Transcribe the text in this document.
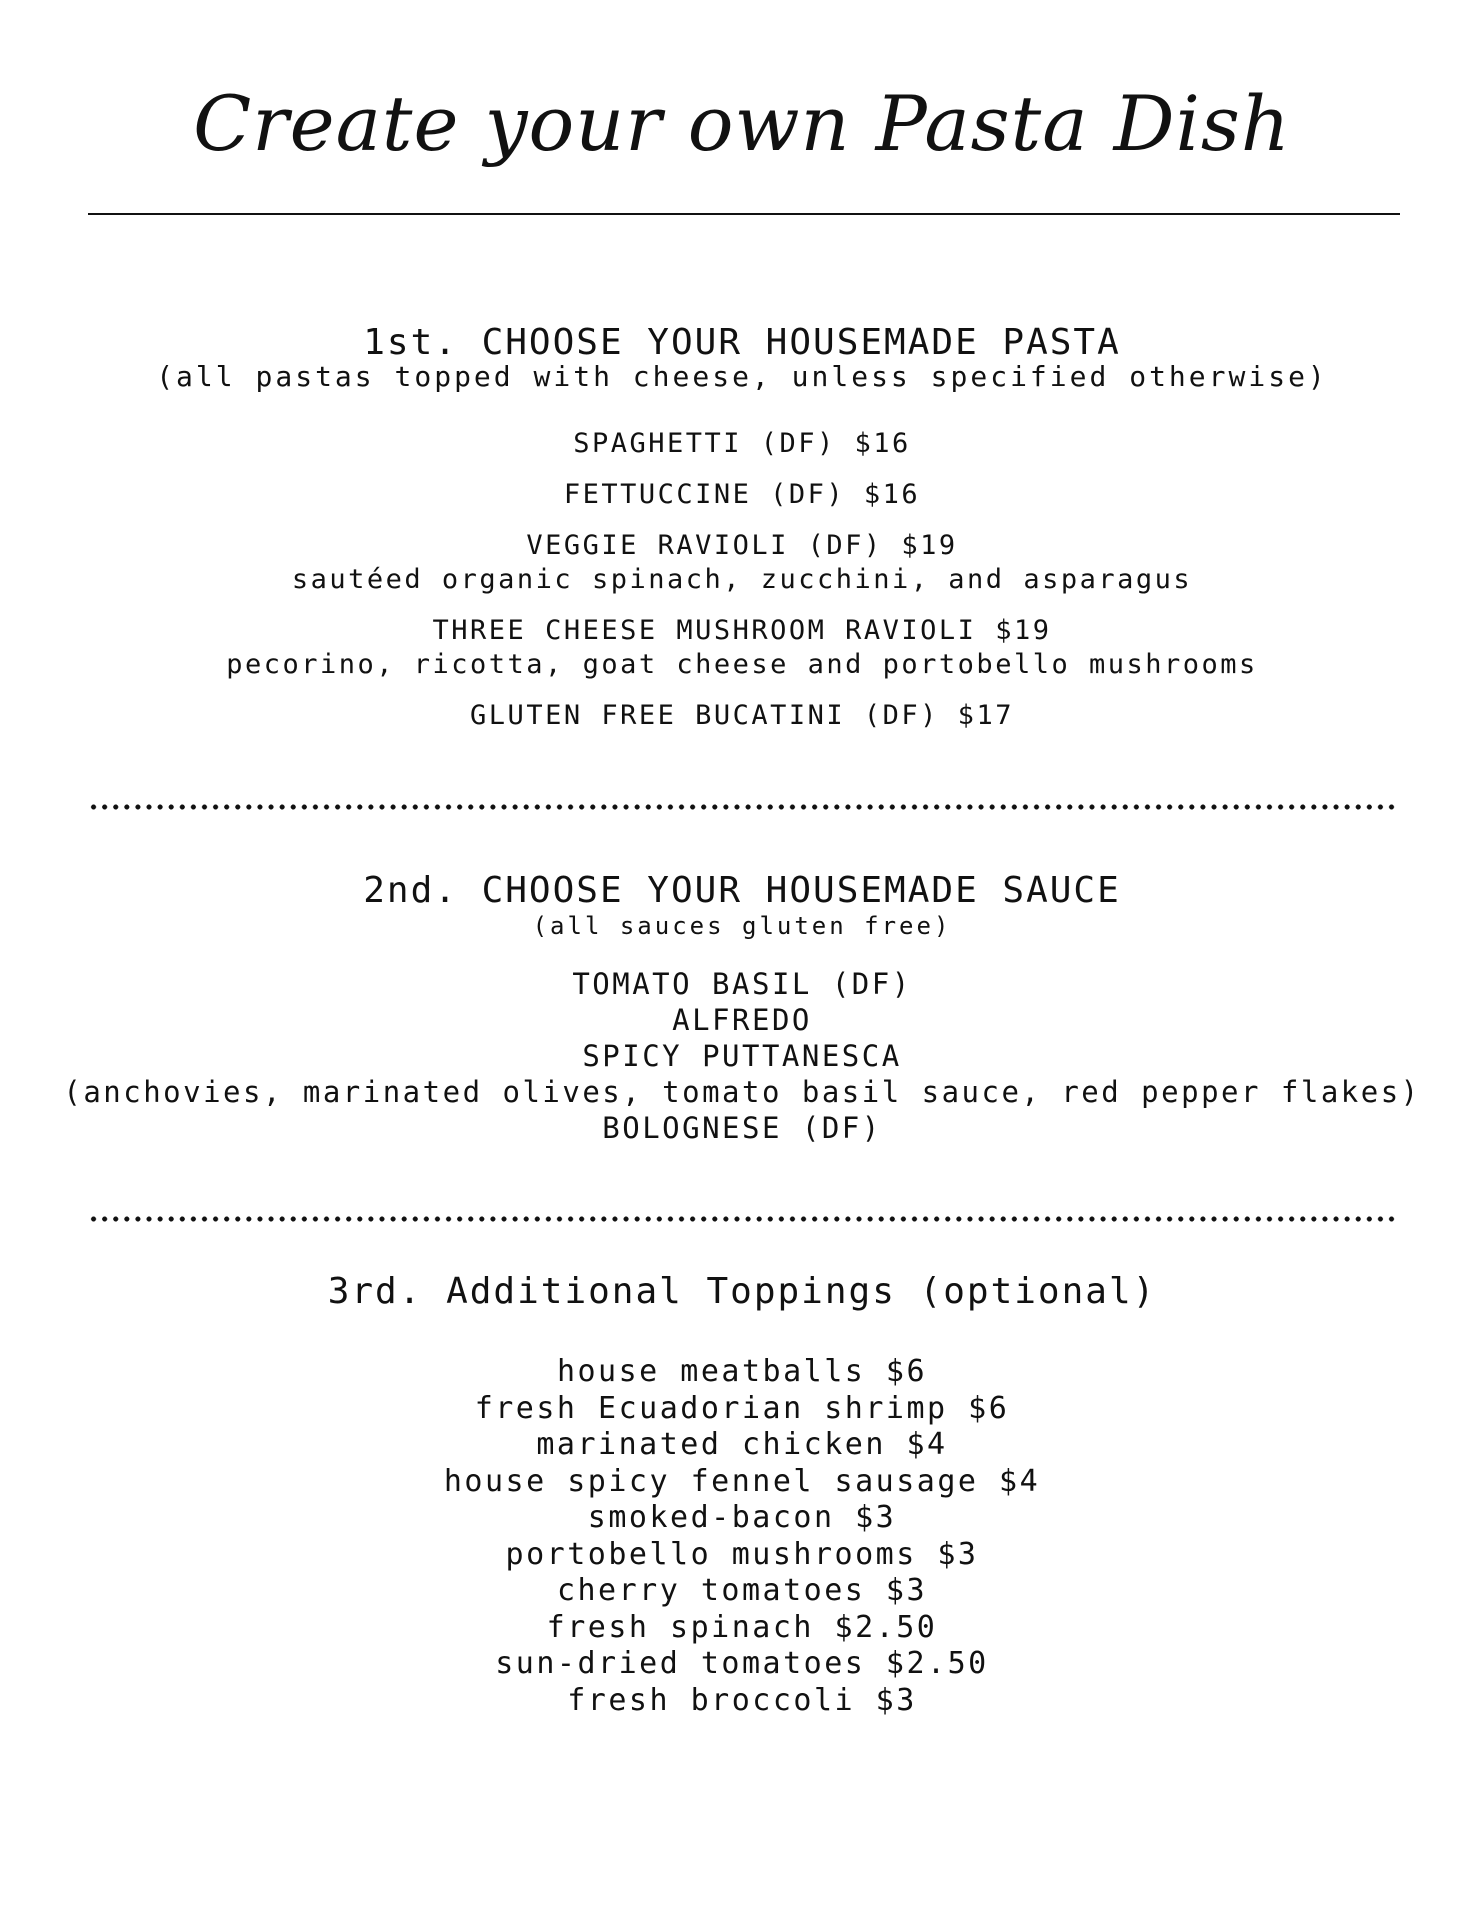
Create your own Pasta Dish
1st. CHOOSE YOUR HOUSEMADE PASTA
(all pastas topped with cheese, unless specified otherwise)
SPAGHETTI (DF) $16
FETTUCCINE (DF) $16
VEGGIE RAVIOLI (DF) $19
sautéed organic spinach, zucchini, and asparagus
THREE CHEESE MUSHROOM RAVIOLI $19
pecorino, ricotta, goat cheese and portobello mushrooms
GLUTEN FREE BUCATINI (DF) $17
2nd. CHOOSE YOUR HOUSEMADE SAUCE
(all sauces gluten free)
TOMATO BASIL (DF)
ALFREDO
SPICY PUTTANESCA
(anchovies, marinated olives, tomato basil sauce, red pepper flakes)
BOLOGNESE (DF)
3rd. Additional Toppings (optional)
house meatballs $6
fresh Ecuadorian shrimp $6
marinated chicken $4
house spicy fennel sausage $4
smoked-bacon $3
portobello mushrooms $3
cherry tomatoes $3
fresh spinach $2.50
sun-dried tomatoes $2.50
fresh broccoli $3
